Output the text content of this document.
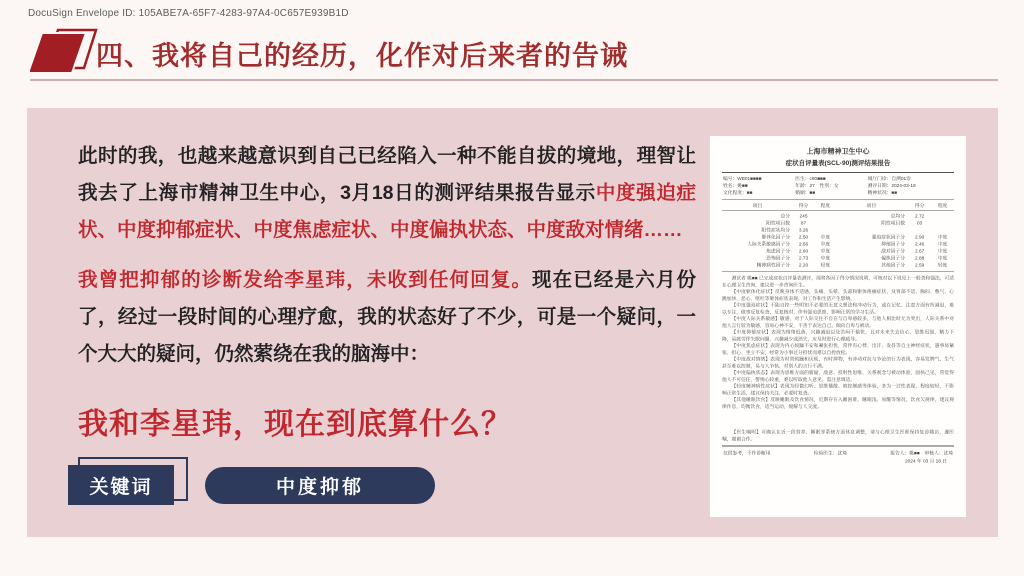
DocuSign Envelope ID: 105ABE7A-65F7-4283-97A4-0C657E939B1D
四、我将自己的经历，化作对后来者的告诫

此时的我，也越来越意识到自己已经陷入一种不能自拔的境地，理智让我去了上海市精神卫生中心，3月18日的测评结果报告显示中度强迫症状、中度抑郁症状、中度焦虑症状、中度偏执状态、中度敌对情绪……

我曾把抑郁的诊断发给李星玮，未收到任何回复。现在已经是六月份了，经过一段时间的心理疗愈，我的状态好了不少，可是一个疑问，一个大大的疑问，仍然萦绕在我的脑海中：

我和李星玮，现在到底算什么？

关键词	中度抑郁
上海市精神卫生中心
症状自评量表(SCL-90)测评结果报告
编号：WB01■■■■	医生：c90■■■	城厅门诊：自测01诊
姓名：姚■■	年龄：27　性别：女	测评日期：2024-03-18
文化程度：■■	婚姻：■■	精神状况：■■
项目	得分	程度	项目	得分	程度
总分	245	总均分	2.72
阳性项目数	87	阴性项目数	03
阳性症状均分 3.26
躯体化因子分 2.50	中度	强迫症状因子分	2.90	中度
人际关系敏感因子分 2.56	中度	抑郁因子分	2.46	中度
焦虑因子分 2.60	中度	敌对因子分	2.67	中度
恐怖因子分 2.73	中度	偏执因子分	2.88	中度
精神病性因子分 2.20	轻度	其他因子分	2.59	轻度

测试者 姚■■ 已完成症状自评量表测评，现将各因子得分情况说明，可核对以下说见上一般类和强法，可适在心理卫生咨询，建议进一步咨询医生。

【中度躯体化症状】反映身体不适感，头痛、头晕、头部和躯体疼痛症状，及胃部不适、胸闷、憋气、心跳加快、恶心、呕吐等躯体症状表现，对工作和生活产生影响。

【中度强迫症状】不能自控一些明知不必要的无意义想法和冲动行为，或在记忆、注意方面有所减退，难以专注，做事反复检查、反复核对，伴有强迫思维，影响正常的学习生活。

【中度人际关系敏感】敏感，对于人际交往不自在与自卑感较多，与他人相比时尤为突出，人际关系中对他人言行较为敏感，容易心神不安，不善于表达自己，倾向自卑与被动。

【中度抑郁症状】表现为情绪低落，兴趣减退以及苦闷不愉快，且对未来失去信心，思维迟缓，精力下降，易疲劳伴失眠问题，兴趣减少或消失，应及时进行心理疏导。

【中度焦虑症状】表现为内心烦躁不安和紧张担忧，常伴有心悸、出汗、发抖等自主神经症状，遇事易紧张、担心、坐立不安，经常为小事过分担忧而难以自控放松。

【中度敌对情绪】表现为时常烦躁和厌烦，有时摔物，有冲动对抗与争论的行为表现，容易发脾气、生气甚至难以控制，易与人争执，对别人的言行不满。

【中度偏执状态】表现为思维方面的猜疑、敌意、投射性思维、关系观念与被动体验，固执己见，常觉得他人不可信任，警惕心较重，难以听取他人意见，需注意调适。

【轻度精神病性症状】表现为轻微幻听、思维播散、被控制感等体验，多为一过性表现，程度较轻，不影响正常生活，建议保持关注，必要时复查。

【其他睡眠饮食】反映睡眠及饮食情况，近期存在入睡困难、睡眠浅、易醒等情况，饮食欠规律，建议规律作息，均衡饮食，适当运动，缓解与人交流。

【医生嘱咐】可确认在近一段营养、睡眠等系统方面休息调整，请与心理卫生医师保持复诊随访，遵医嘱，谢谢合作。

仅供参考，不作诊断用	检验医生：沈琦	报告人：姚■■　审核人：沈琦
2024 年 03 月 18 日
